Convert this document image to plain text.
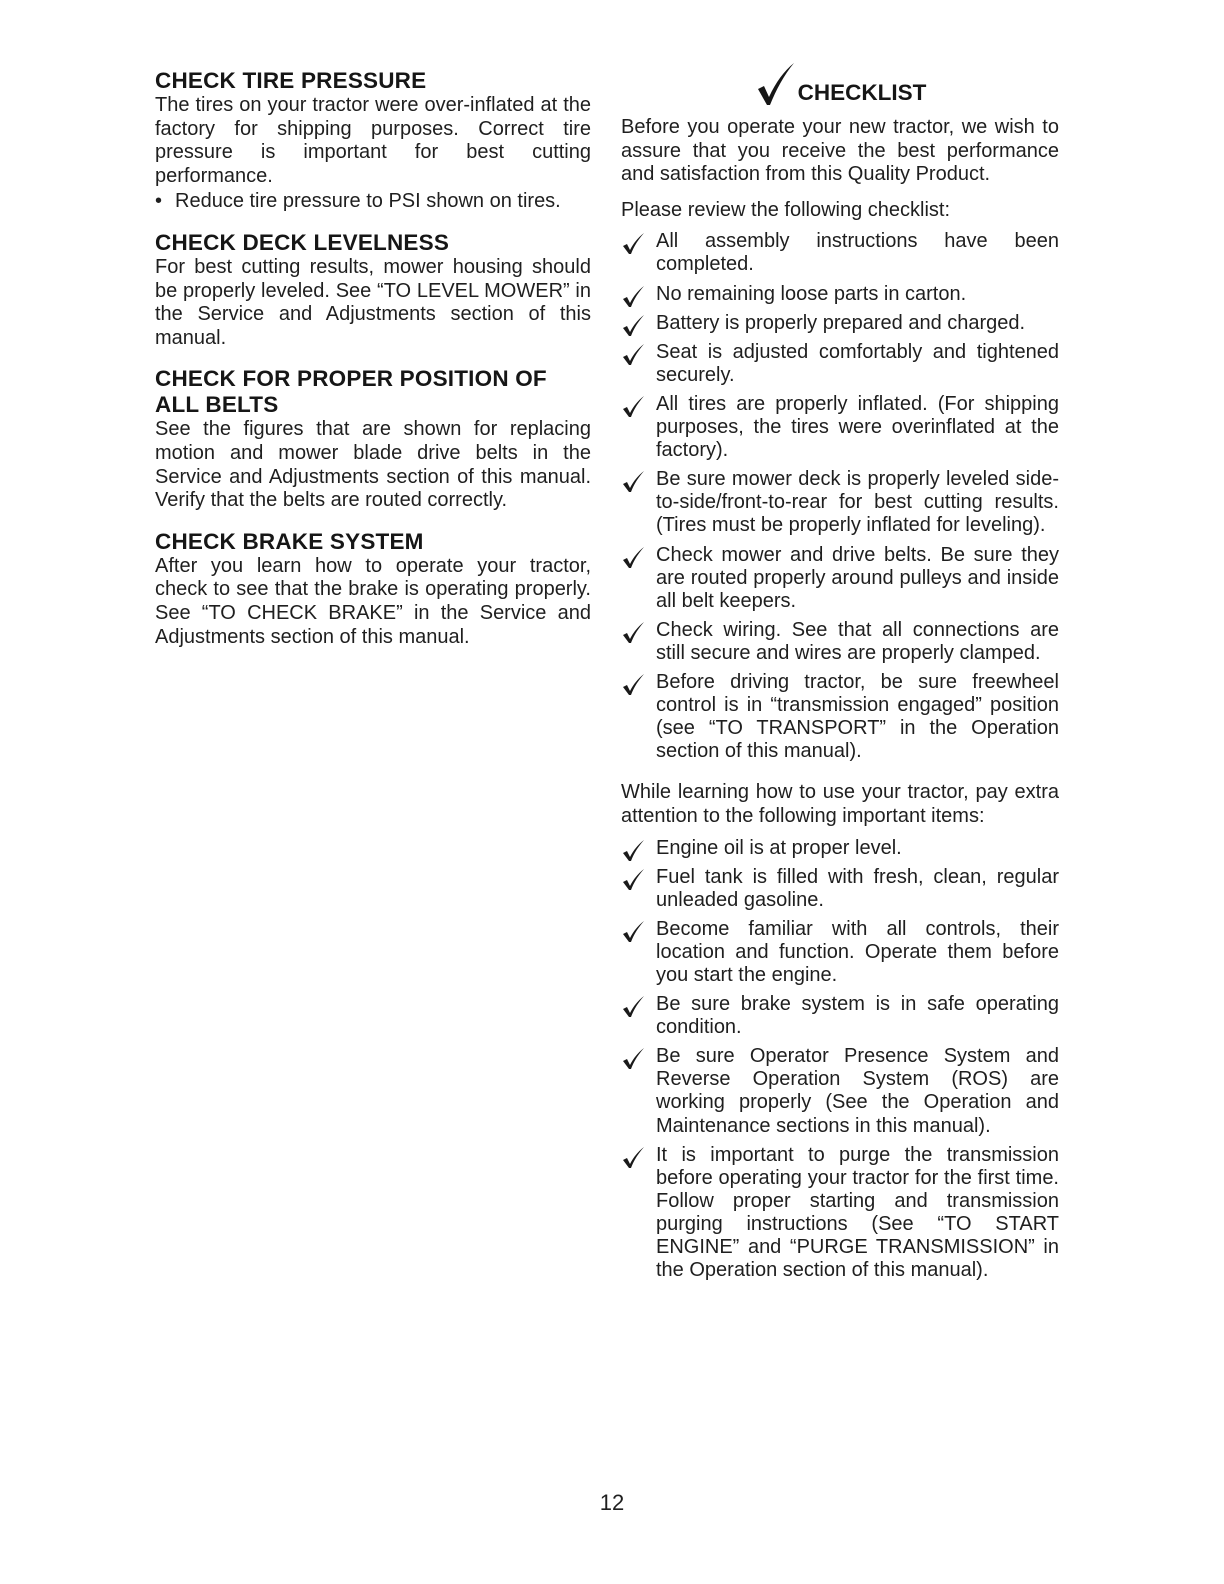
CHECK TIRE PRESSURE

The tires on your tractor were over-inflated at the factory for shipping purposes. Correct tire pressure is important for best cutting performance.

• Reduce tire pressure to PSI shown on tires.
CHECK DECK LEVELNESS

For best cutting results, mower housing should be properly leveled. See “TO LEVEL MOWER” in the Service and Adjustments section of this manual.

CHECK FOR PROPER POSITION OF ALL BELTS

See the figures that are shown for replacing motion and mower blade drive belts in the Service and Adjustments section of this manual. Verify that the belts are routed correctly.

CHECK BRAKE SYSTEM

After you learn how to operate your tractor, check to see that the brake is operating properly. See “TO CHECK BRAKE” in the Service and Adjustments section of this manual.

CHECKLIST

Before you operate your new tractor, we wish to assure that you receive the best performance and satisfaction from this Quality Product.

Please review the following checklist:

All assembly instructions have been completed.
No remaining loose parts in carton.
Battery is properly prepared and charged.
Seat is adjusted comfortably and tightened securely.
All tires are properly inflated. (For shipping purposes, the tires were overinflated at the factory).
Be sure mower deck is properly leveled side-to-side/front-to-rear for best cutting results. (Tires must be properly inflated for leveling).
Check mower and drive belts. Be sure they are routed properly around pulleys and inside all belt keepers.
Check wiring. See that all connections are still secure and wires are properly clamped.
Before driving tractor, be sure freewheel control is in “transmission engaged” position (see “TO TRANSPORT” in the Operation section of this manual).

While learning how to use your tractor, pay extra attention to the following important items:

Engine oil is at proper level.
Fuel tank is filled with fresh, clean, regular unleaded gasoline.
Become familiar with all controls, their location and function. Operate them before you start the engine.
Be sure brake system is in safe operating condition.
Be sure Operator Presence System and Reverse Operation System (ROS) are working properly (See the Operation and Maintenance sections in this manual).
It is important to purge the transmission before operating your tractor for the first time. Follow proper starting and transmission purging instructions (See “TO START ENGINE” and “PURGE TRANSMISSION” in the Operation section of this manual).
12
